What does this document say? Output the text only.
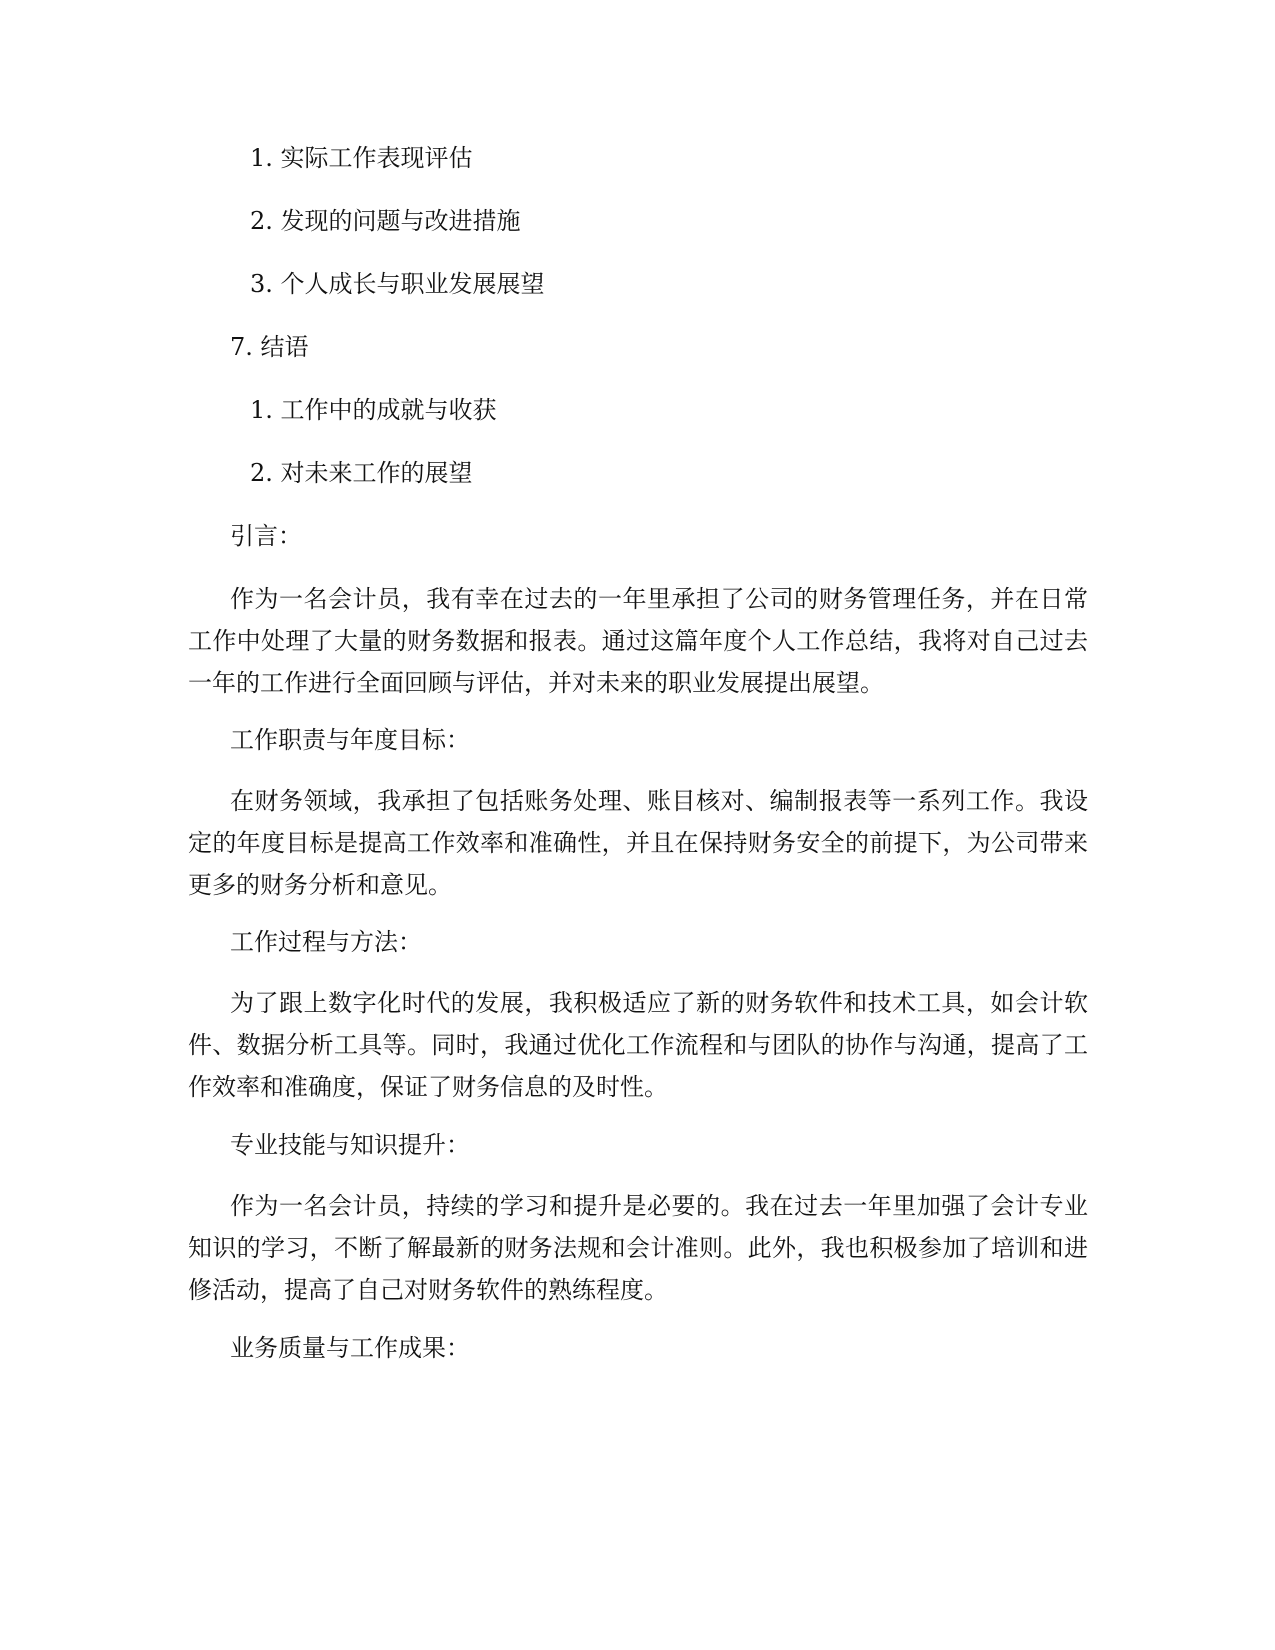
1. 实际工作表现评估
2. 发现的问题与改进措施
3. 个人成长与职业发展展望
7. 结语
1. 工作中的成就与收获
2. 对未来工作的展望
引言：
作为一名会计员，我有幸在过去的一年里承担了公司的财务管理任务，并在日常工作中处理了大量的财务数据和报表。通过这篇年度个人工作总结，我将对自己过去一年的工作进行全面回顾与评估，并对未来的职业发展提出展望。
工作职责与年度目标：
在财务领域，我承担了包括账务处理、账目核对、编制报表等一系列工作。我设定的年度目标是提高工作效率和准确性，并且在保持财务安全的前提下，为公司带来更多的财务分析和意见。
工作过程与方法：
为了跟上数字化时代的发展，我积极适应了新的财务软件和技术工具，如会计软件、数据分析工具等。同时，我通过优化工作流程和与团队的协作与沟通，提高了工作效率和准确度，保证了财务信息的及时性。
专业技能与知识提升：
作为一名会计员，持续的学习和提升是必要的。我在过去一年里加强了会计专业知识的学习，不断了解最新的财务法规和会计准则。此外，我也积极参加了培训和进修活动，提高了自己对财务软件的熟练程度。
业务质量与工作成果：
